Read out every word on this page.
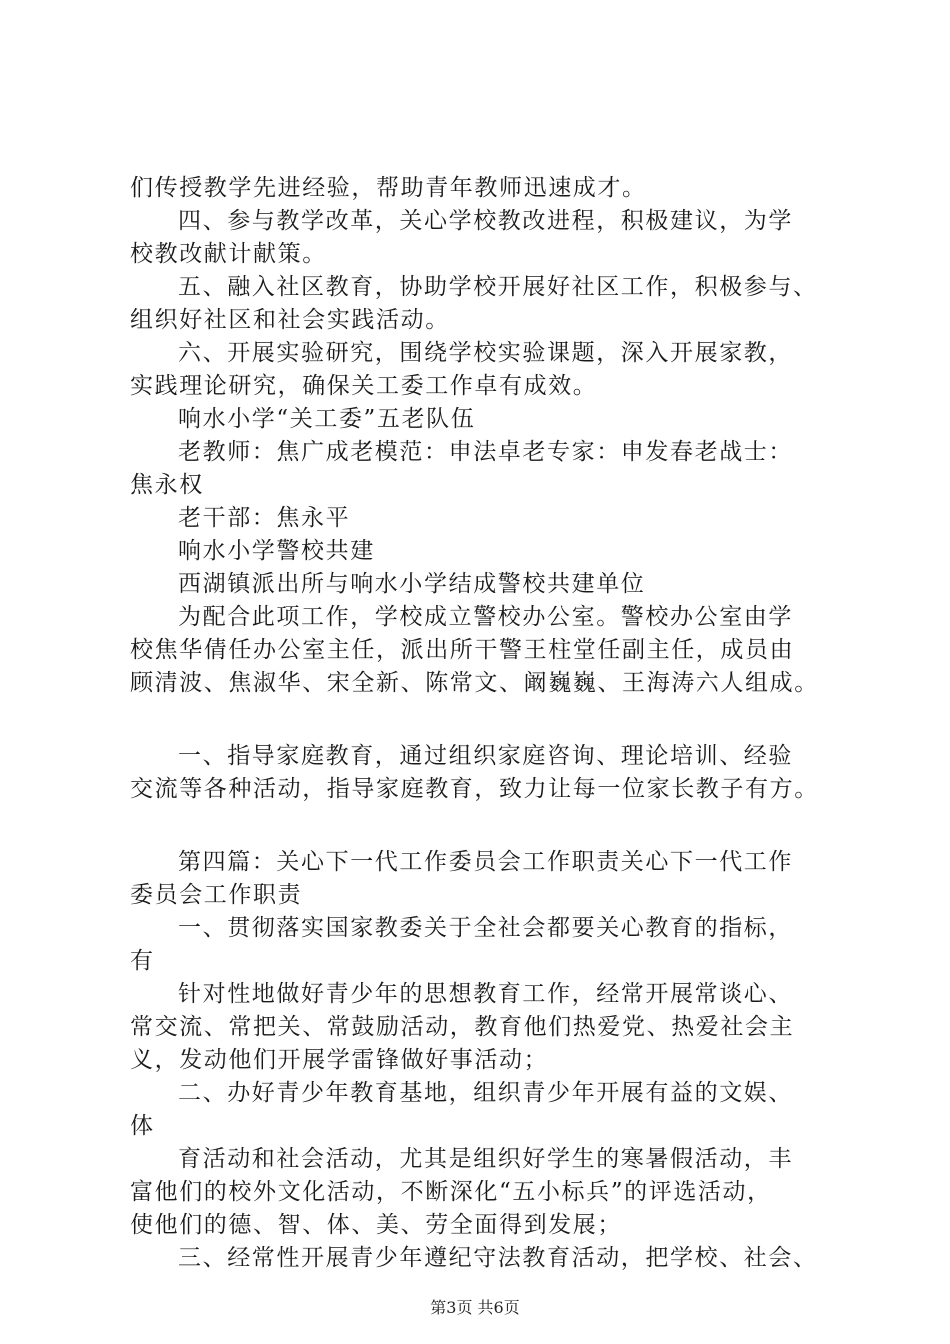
们传授教学先进经验，帮助青年教师迅速成才。
四、参与教学改革，关心学校教改进程，积极建议，为学
校教改献计献策。
五、融入社区教育，协助学校开展好社区工作，积极参与、
组织好社区和社会实践活动。
六、开展实验研究，围绕学校实验课题，深入开展家教，
实践理论研究，确保关工委工作卓有成效。
响水小学“关工委”五老队伍
老教师：焦广成老模范：申法卓老专家：申发春老战士：
焦永权
老干部：焦永平
响水小学警校共建
西湖镇派出所与响水小学结成警校共建单位
为配合此项工作，学校成立警校办公室。警校办公室由学
校焦华倩任办公室主任，派出所干警王柱堂任副主任，成员由
顾清波、焦淑华、宋全新、陈常文、阚巍巍、王海涛六人组成。
一、指导家庭教育，通过组织家庭咨询、理论培训、经验
交流等各种活动，指导家庭教育，致力让每一位家长教子有方。
第四篇：关心下一代工作委员会工作职责关心下一代工作
委员会工作职责
一、贯彻落实国家教委关于全社会都要关心教育的指标，
有
针对性地做好青少年的思想教育工作，经常开展常谈心、
常交流、常把关、常鼓励活动，教育他们热爱党、热爱社会主
义，发动他们开展学雷锋做好事活动；
二、办好青少年教育基地，组织青少年开展有益的文娱、
体
育活动和社会活动，尤其是组织好学生的寒暑假活动，丰
富他们的校外文化活动，不断深化“五小标兵”的评选活动，
使他们的德、智、体、美、劳全面得到发展；
三、经常性开展青少年遵纪守法教育活动，把学校、社会、
第3页 共6页
